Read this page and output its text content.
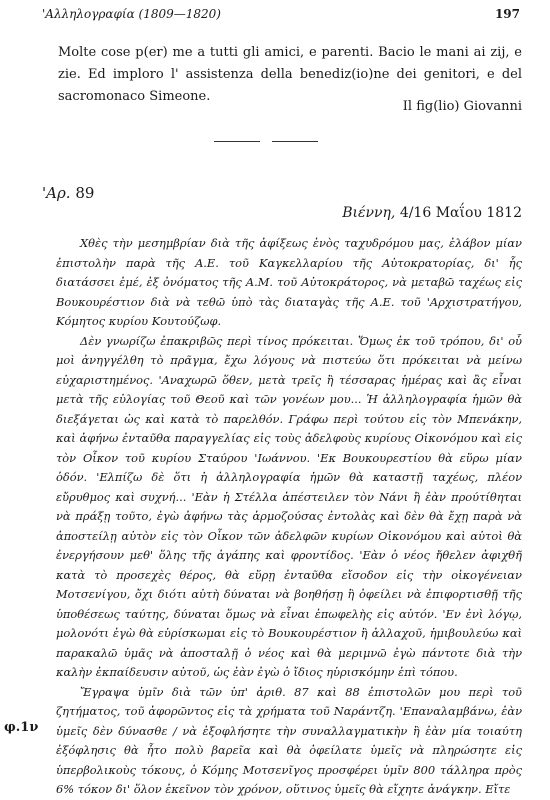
'Αλληλογραφία (1809—1820)	197

Molte cose p(er) me a tutti gli amici, e parenti. Bacio le mani ai zij, e zie. Ed imploro l' assistenza della benediz(io)ne dei genitori, e del sacromonaco Simeone.

Il fig(lio) Giovanni
'Αρ. 89
Βιέννη, 4/16 Μαΐου 1812

Χθὲς τὴν μεσημβρίαν διὰ τῆς ἀφίξεως ἑνὸς ταχυδρόμου μας, ἐλάβον μίαν ἐπιστολὴν παρὰ τῆς Α.Ε. τοῦ Καγκελλαρίου τῆς Αὐτοκρατορίας, δι' ἧς διατάσσει ἐμέ, ἐξ ὀνόματος τῆς Α.Μ. τοῦ Αὐτοκράτορος, νὰ μεταβῶ ταχέως εἰς Βουκουρέστιον διὰ νὰ τεθῶ ὑπὸ τὰς διαταγὰς τῆς Α.Ε. τοῦ 'Αρχιστρατήγου, Κόμητος κυρίου Κουτούζωφ.

Δὲν γνωρίζω ἐπακριβῶς περὶ τίνος πρόκειται. Ὅμως ἐκ τοῦ τρόπου, δι' οὗ μοὶ ἀνηγγέλθη τὸ πρᾶγμα, ἔχω λόγους νὰ πιστεύω ὅτι πρόκειται νὰ μείνω εὐχαριστημένος. 'Αναχωρῶ ὅθεν, μετὰ τρεῖς ἢ τέσσαρας ἡμέρας καὶ ἂς εἶναι μετὰ τῆς εὐλογίας τοῦ Θεοῦ καὶ τῶν γονέων μου... Ἡ ἀλληλογραφία ἡμῶν θὰ διεξάγεται ὡς καὶ κατὰ τὸ παρελθόν. Γράφω περὶ τούτου εἰς τὸν Μπενάκην, καὶ ἀφήνω ἐνταῦθα παραγγελίας εἰς τοὺς ἀδελφοὺς κυρίους Οἰκονόμου καὶ εἰς τὸν Οἶκον τοῦ κυρίου Σταύρου 'Ιωάννου. 'Εκ Βουκουρεστίου θὰ εὕρω μίαν ὁδόν. 'Ελπίζω δὲ ὅτι ἡ ἀλληλογραφία ἡμῶν θὰ καταστῇ ταχέως, πλέον εὔρυθμος καὶ συχνή... 'Εὰν ἡ Στέλλα ἀπέστειλεν τὸν Νάνι ἢ ἐὰν προύτίθηται νὰ πράξῃ τοῦτο, ἐγὼ ἀφήνω τὰς ἁρμοζούσας ἐντολὰς καὶ δὲν θὰ ἔχῃ παρὰ νὰ ἀποστείλῃ αὐτὸν εἰς τὸν Οἶκον τῶν ἀδελφῶν κυρίων Οἰκονόμου καὶ αὐτοὶ θὰ ἐνεργήσουν μεθ' ὅλης τῆς ἀγάπης καὶ φροντίδος. 'Εὰν ὁ νέος ἤθελεν ἀφιχθῆ κατὰ τὸ προσεχὲς θέρος, θὰ εὕρῃ ἐνταῦθα εἴσοδον εἰς τὴν οἰκογένειαν Μοτσενίγου, ὄχι διότι αὐτὴ δύναται νὰ βοηθήσῃ ἢ ὀφείλει νὰ ἐπιφορτισθῇ τῆς ὑποθέσεως ταύτης, δύναται ὅμως νὰ εἶναι ἐπωφελὴς εἰς αὐτόν. 'Εν ἑνὶ λόγῳ, μολονότι ἐγὼ θὰ εὑρίσκωμαι εἰς τὸ Βουκουρέστιον ἢ ἀλλαχοῦ, ἡμιβουλεύω καὶ παρακαλῶ ὑμᾶς νὰ ἀποσταλῇ ὁ νέος καὶ θὰ μεριμνῶ ἐγὼ πάντοτε διὰ τὴν καλὴν ἐκπαίδευσιν αὐτοῦ, ὡς ἐὰν ἐγὼ ὁ ἴδιος ηὑρισκόμην ἐπὶ τόπου.

Ἔγραψα ὑμῖν διὰ τῶν ὑπ' ἀριθ. 87 καὶ 88 ἐπιστολῶν μου περὶ τοῦ ζητήματος, τοῦ ἀφορῶντος εἰς τὰ χρήματα τοῦ Ναράντζη. 'Επαναλαμβάνω, ἐὰν ὑμεῖς δὲν δύνασθε / νὰ ἐξοφλήσητε τὴν συναλλαγματικὴν ἢ ἐὰν μία τοιαύτη ἐξόφλησις θὰ ἦτο πολὺ βαρεῖα καὶ θὰ ὀφείλατε ὑμεῖς νὰ πληρώσητε εἰς ὑπερβολικοὺς τόκους, ὁ Κόμης Μοτσενῖγος προσφέρει ὑμῖν 800 τάλληρα πρὸς 6% τόκον δι' ὅλον ἐκεῖνον τὸν χρόνον, οὕτινος ὑμεῖς θὰ εἴχητε ἀνάγκην. Εἴτε

φ.1ν
